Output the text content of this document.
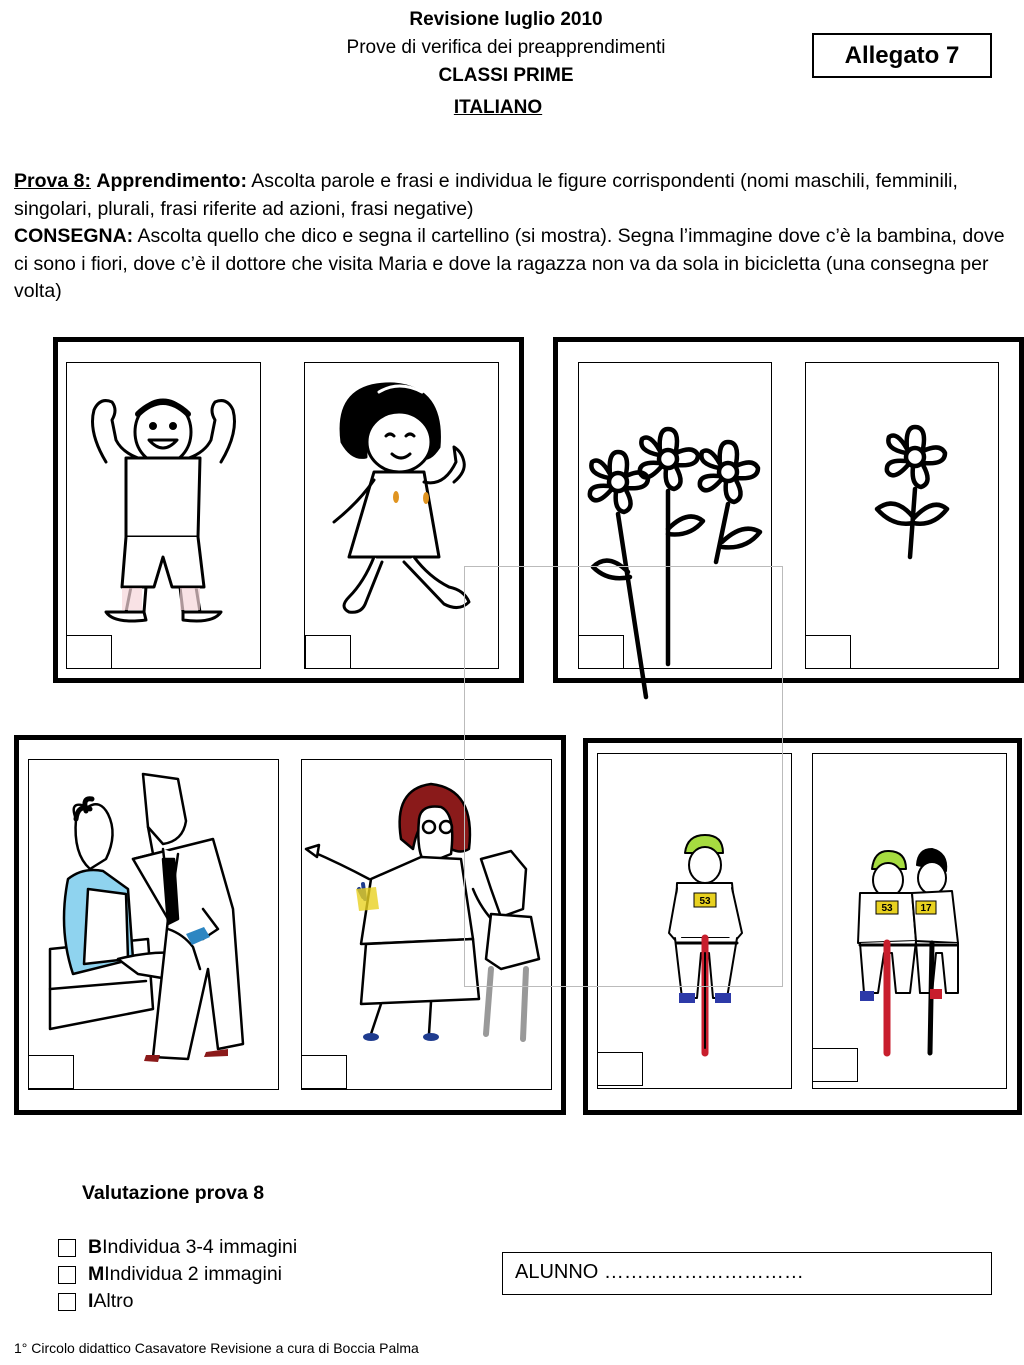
Revisione luglio 2010
Prove di verifica dei preapprendimenti
CLASSI PRIME
ITALIANO
Allegato 7
Prova 8: Apprendimento: Ascolta parole e frasi e individua le figure corrispondenti (nomi maschili, femminili, singolari, plurali, frasi riferite ad azioni, frasi negative)
CONSEGNA: Ascolta quello che dico e segna il cartellino (si mostra). Segna l’immagine dove c’è la bambina, dove ci sono i fiori, dove c’è il dottore che visita Maria e dove la ragazza non va da sola in bicicletta (una consegna per volta)
53
53	17
Valutazione prova 8
B Individua 3-4 immagini
M Individua 2 immagini
I Altro
ALUNNO …………………………
1° Circolo didattico Casavatore Revisione a cura di Boccia Palma
